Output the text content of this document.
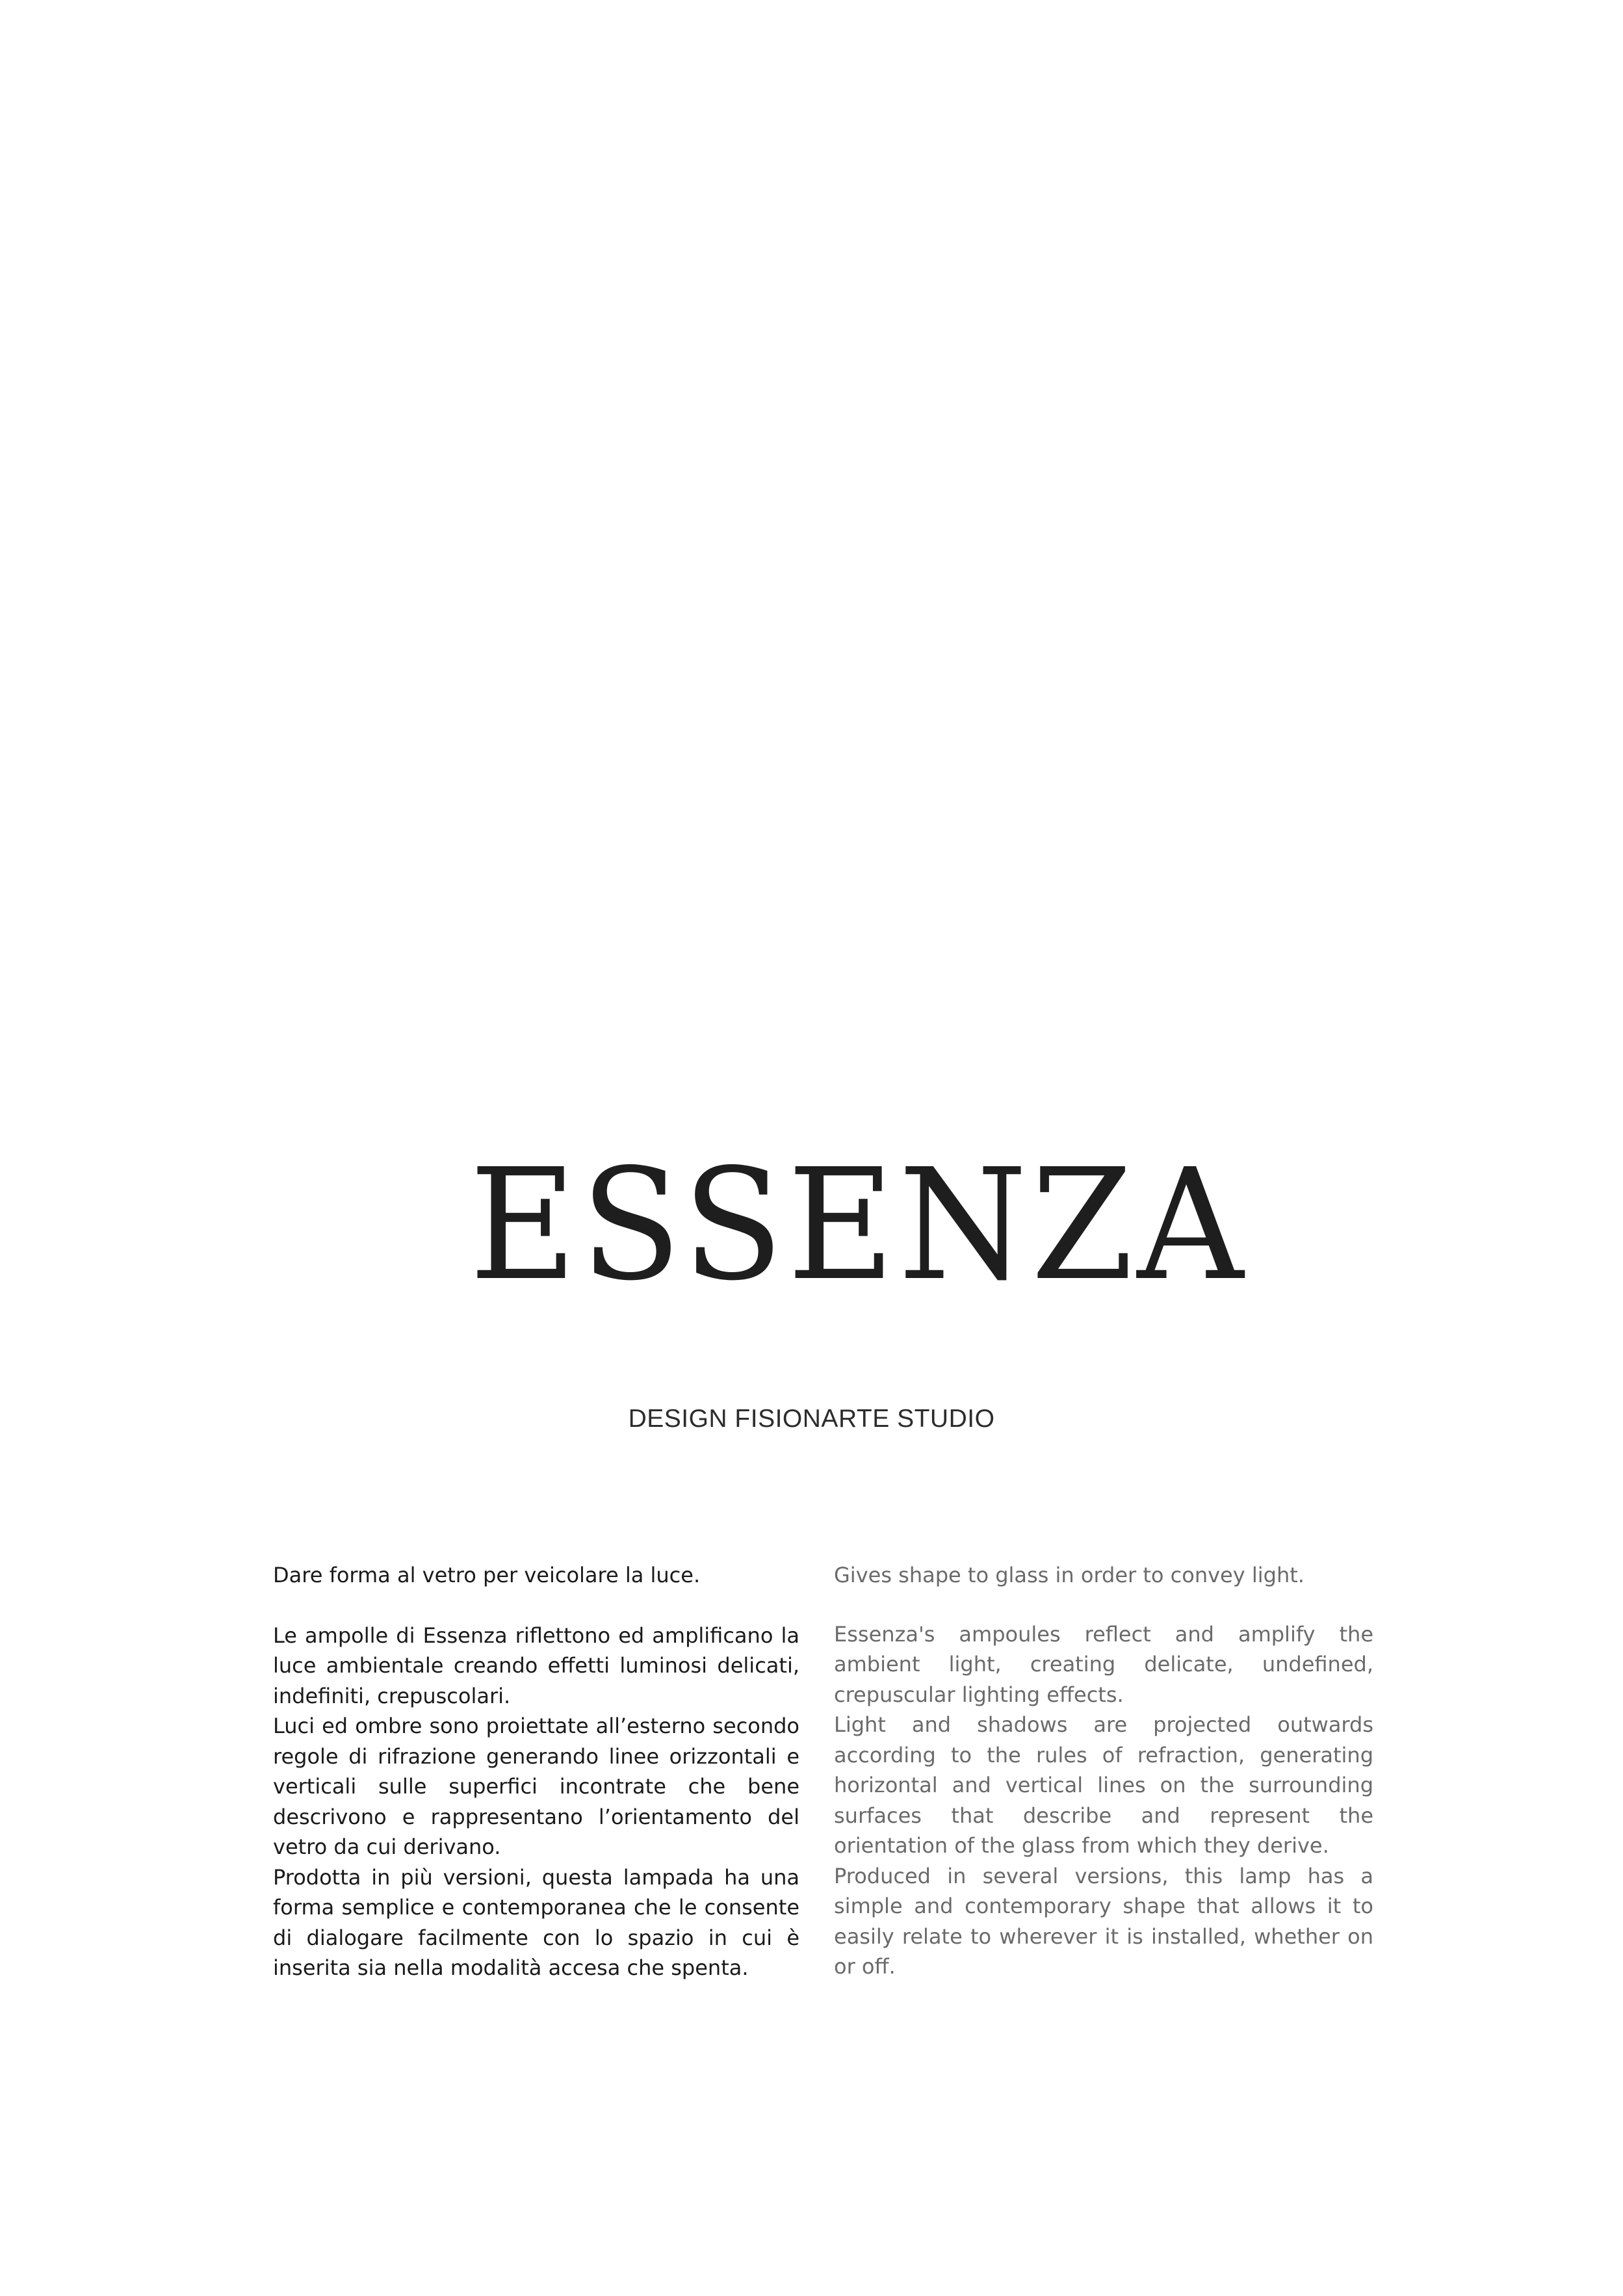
ESSENZA
DESIGN FISIONARTE STUDIO

Dare forma al vetro per veicolare la luce.

Le ampolle di Essenza riflettono ed amplificano la luce ambientale creando effetti luminosi delicati, indefiniti, crepuscolari.

Luci ed ombre sono proiettate all’esterno secondo regole di rifrazione generando linee orizzontali e verticali sulle superfici incontrate che bene descrivono e rappresentano l’orientamento del vetro da cui derivano.

Prodotta in più versioni, questa lampada ha una forma semplice e contemporanea che le consente di dialogare facilmente con lo spazio in cui è inserita sia nella modalità accesa che spenta.

Gives shape to glass in order to convey light.

Essenza's ampoules reflect and amplify the ambient light, creating delicate, undefined, crepuscular lighting effects.

Light and shadows are projected outwards according to the rules of refraction, generating horizontal and vertical lines on the surrounding surfaces that describe and represent the orientation of the glass from which they derive.

Produced in several versions, this lamp has a simple and contemporary shape that allows it to easily relate to wherever it is installed, whether on or off.
